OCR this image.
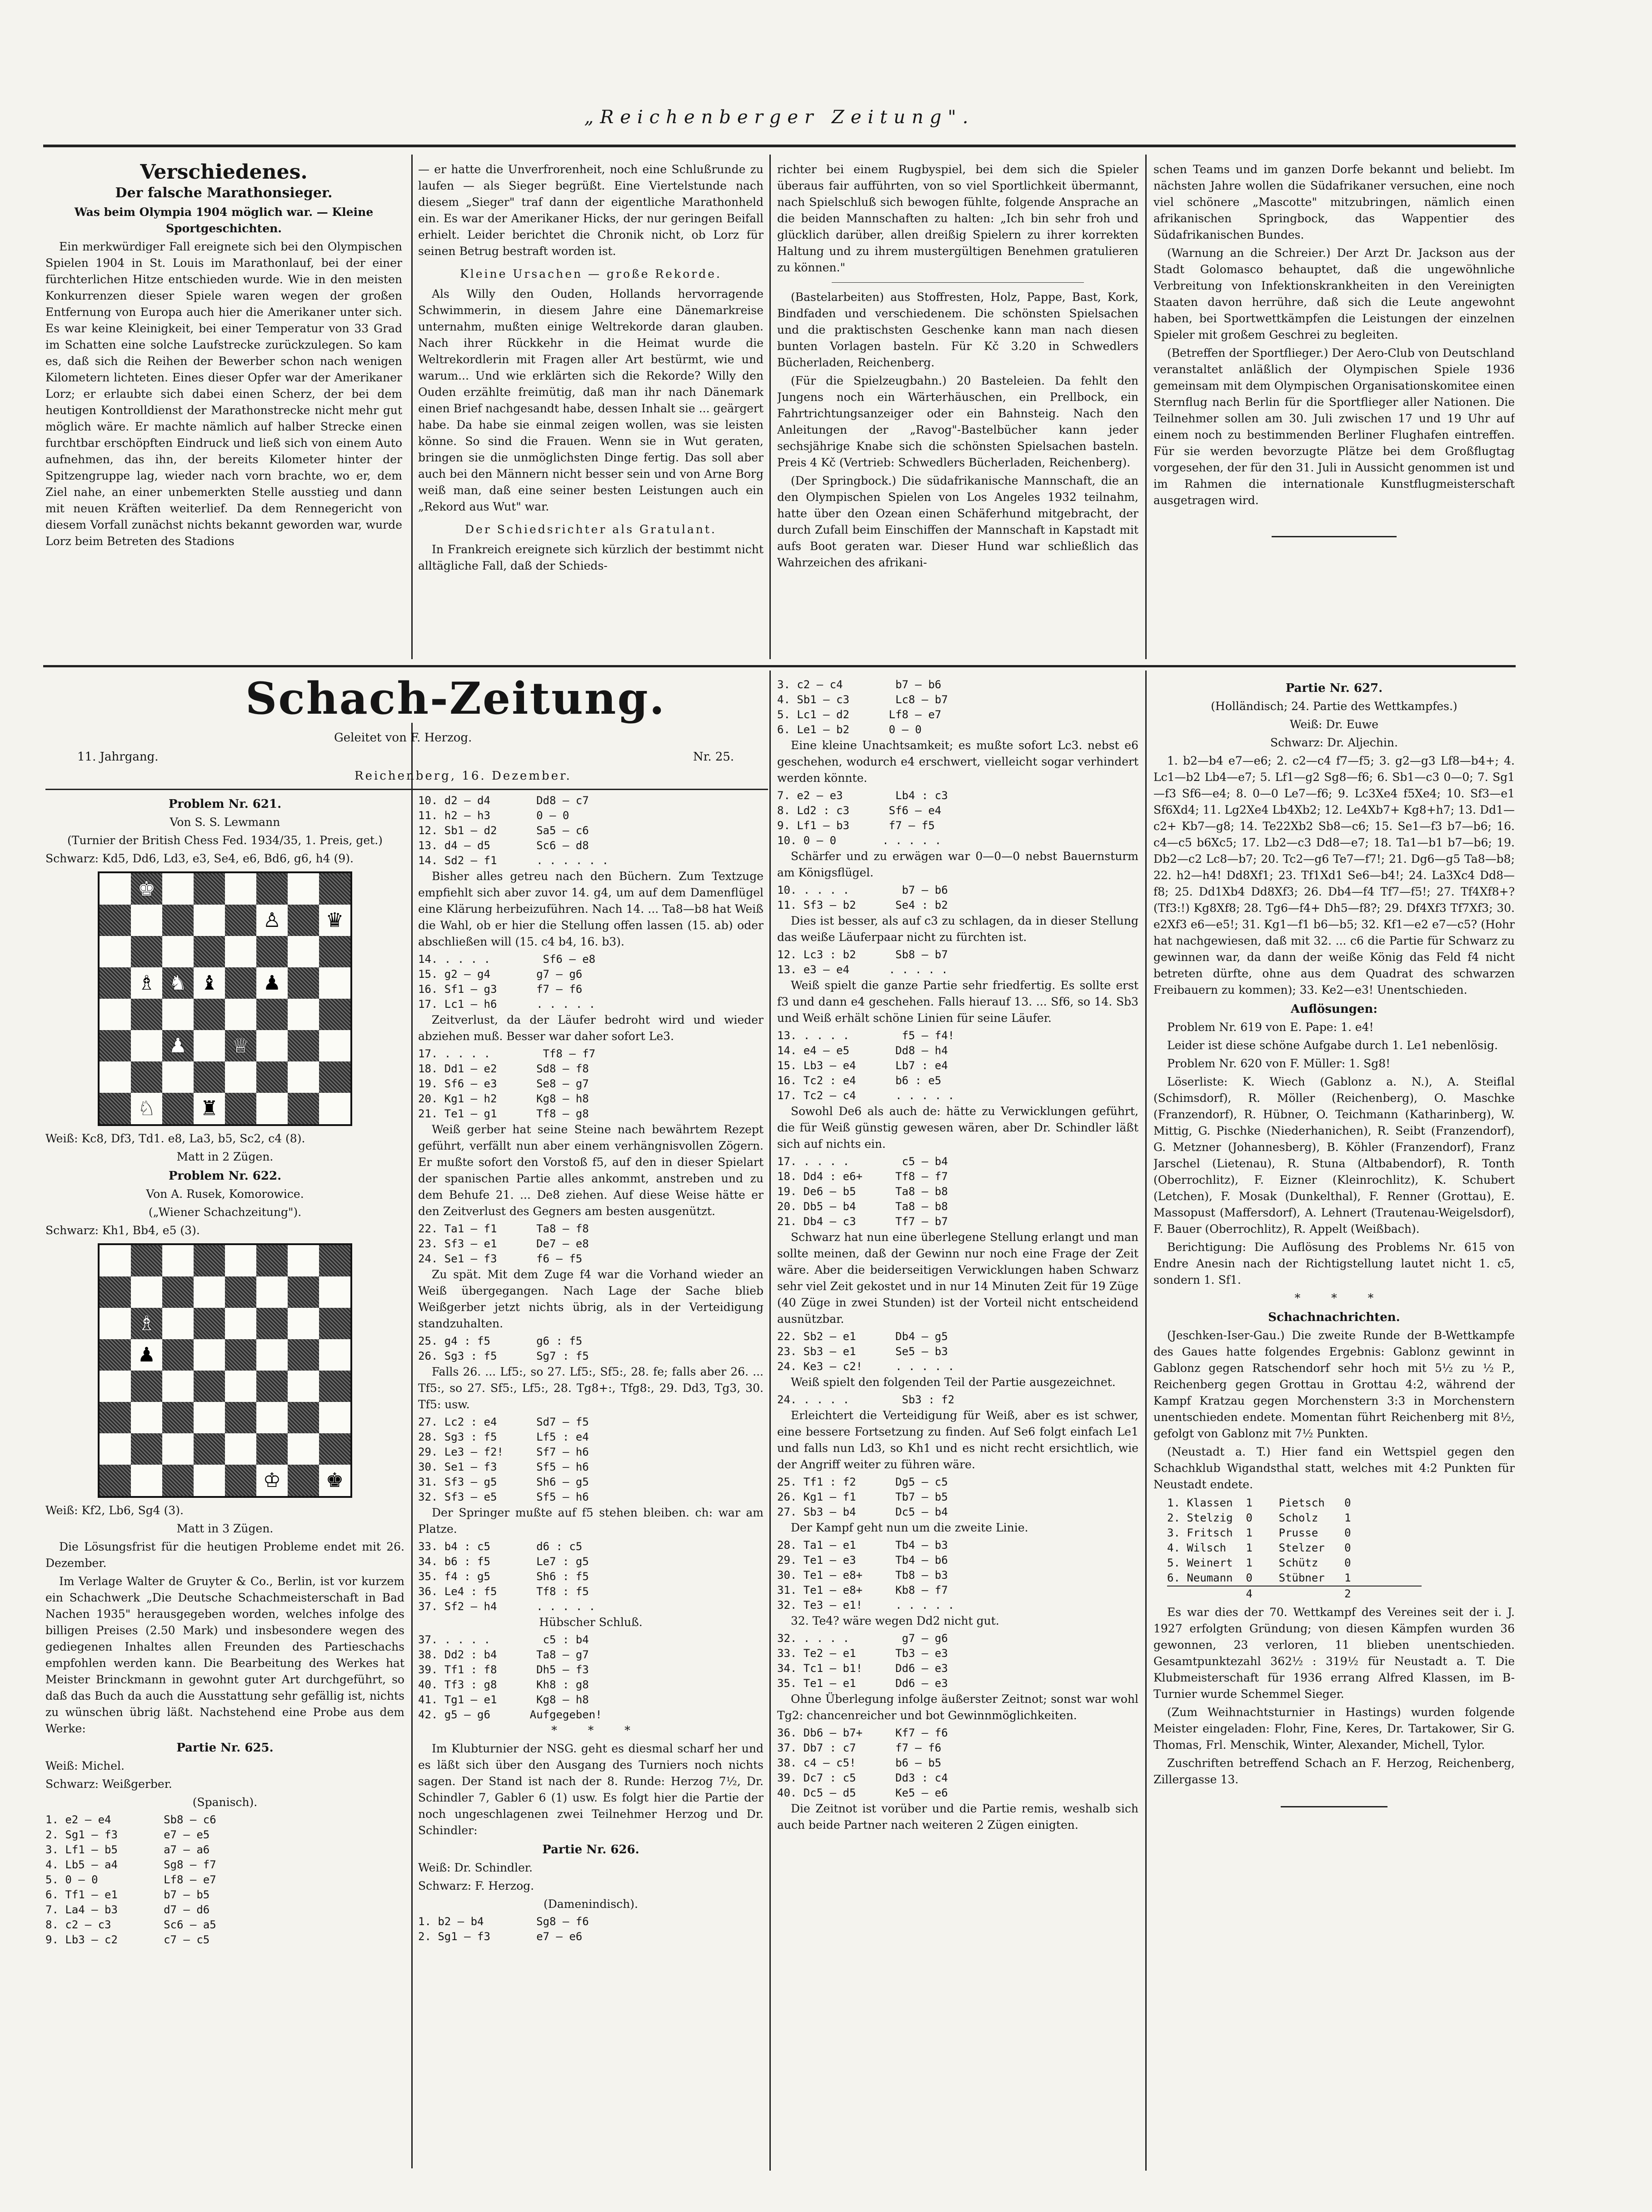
„Reichenberger Zeitung".
Verschiedenes.
Der falsche Marathonsieger.

Was beim Olympia 1904 möglich war. — Kleine Sportgeschichten.

Ein merkwürdiger Fall ereignete sich bei den Olympischen Spielen 1904 in St. Louis im Marathonlauf, bei der einer fürchterlichen Hitze entschieden wurde. Wie in den meisten Konkurrenzen dieser Spiele waren wegen der großen Entfernung von Europa auch hier die Amerikaner unter sich. Es war keine Kleinigkeit, bei einer Temperatur von 33 Grad im Schatten eine solche Laufstrecke zurückzulegen. So kam es, daß sich die Reihen der Bewerber schon nach wenigen Kilometern lichteten. Eines dieser Opfer war der Amerikaner Lorz; er erlaubte sich dabei einen Scherz, der bei dem heutigen Kontrolldienst der Marathonstrecke nicht mehr gut möglich wäre. Er machte nämlich auf halber Strecke einen furchtbar erschöpften Eindruck und ließ sich von einem Auto aufnehmen, das ihn, der bereits Kilometer hinter der Spitzengruppe lag, wieder nach vorn brachte, wo er, dem Ziel nahe, an einer unbemerkten Stelle ausstieg und dann mit neuen Kräften weiterlief. Da dem Rennegericht von diesem Vorfall zunächst nichts bekannt geworden war, wurde Lorz beim Betreten des Stadions

— er hatte die Unverfrorenheit, noch eine Schlußrunde zu laufen — als Sieger begrüßt. Eine Viertelstunde nach diesem „Sieger" traf dann der eigentliche Marathonheld ein. Es war der Amerikaner Hicks, der nur geringen Beifall erhielt. Leider berichtet die Chronik nicht, ob Lorz für seinen Betrug bestraft worden ist.

Kleine Ursachen — große Rekorde.

Als Willy den Ouden, Hollands hervorragende Schwimmerin, in diesem Jahre eine Dänemarkreise unternahm, mußten einige Weltrekorde daran glauben. Nach ihrer Rückkehr in die Heimat wurde die Weltrekordlerin mit Fragen aller Art bestürmt, wie und warum... Und wie erklärten sich die Rekorde? Willy den Ouden erzählte freimütig, daß man ihr nach Dänemark einen Brief nachgesandt habe, dessen Inhalt sie ... geärgert habe. Da habe sie einmal zeigen wollen, was sie leisten könne. So sind die Frauen. Wenn sie in Wut geraten, bringen sie die unmöglichsten Dinge fertig. Das soll aber auch bei den Männern nicht besser sein und von Arne Borg weiß man, daß eine seiner besten Leistungen auch ein „Rekord aus Wut" war.

Der Schiedsrichter als Gratulant.

In Frankreich ereignete sich kürzlich der bestimmt nicht alltägliche Fall, daß der Schieds-

richter bei einem Rugbyspiel, bei dem sich die Spieler überaus fair aufführten, von so viel Sportlichkeit übermannt, nach Spielschluß sich bewogen fühlte, folgende Ansprache an die beiden Mannschaften zu halten: „Ich bin sehr froh und glücklich darüber, allen dreißig Spielern zu ihrer korrekten Haltung und zu ihrem mustergültigen Benehmen gratulieren zu können."

(Bastelarbeiten) aus Stoffresten, Holz, Pappe, Bast, Kork, Bindfaden und verschiedenem. Die schönsten Spielsachen und die praktischsten Geschenke kann man nach diesen bunten Vorlagen basteln. Für Kč 3.20 in Schwedlers Bücherladen, Reichenberg.

(Für die Spielzeugbahn.) 20 Basteleien. Da fehlt den Jungens noch ein Wärterhäuschen, ein Prellbock, ein Fahrtrichtungsanzeiger oder ein Bahnsteig. Nach den Anleitungen der „Ravog"-Bastelbücher kann jeder sechsjährige Knabe sich die schönsten Spielsachen basteln. Preis 4 Kč (Vertrieb: Schwedlers Bücherladen, Reichenberg).

(Der Springbock.) Die südafrikanische Mannschaft, die an den Olympischen Spielen von Los Angeles 1932 teilnahm, hatte über den Ozean einen Schäferhund mitgebracht, der durch Zufall beim Einschiffen der Mannschaft in Kapstadt mit aufs Boot geraten war. Dieser Hund war schließlich das Wahrzeichen des afrikani-

schen Teams und im ganzen Dorfe bekannt und beliebt. Im nächsten Jahre wollen die Südafrikaner versuchen, eine noch viel schönere „Mascotte" mitzubringen, nämlich einen afrikanischen Springbock, das Wappentier des Südafrikanischen Bundes.

(Warnung an die Schreier.) Der Arzt Dr. Jackson aus der Stadt Golomasco behauptet, daß die ungewöhnliche Verbreitung von Infektionskrankheiten in den Vereinigten Staaten davon herrühre, daß sich die Leute angewohnt haben, bei Sportwettkämpfen die Leistungen der einzelnen Spieler mit großem Geschrei zu begleiten.

(Betreffen der Sportflieger.) Der Aero-Club von Deutschland veranstaltet anläßlich der Olympischen Spiele 1936 gemeinsam mit dem Olympischen Organisationskomitee einen Sternflug nach Berlin für die Sportflieger aller Nationen. Die Teilnehmer sollen am 30. Juli zwischen 17 und 19 Uhr auf einem noch zu bestimmenden Berliner Flughafen eintreffen. Für sie werden bevorzugte Plätze bei dem Großflugtag vorgesehen, der für den 31. Juli in Aussicht genommen ist und im Rahmen die internationale Kunstflugmeisterschaft ausgetragen wird.

Schach-Zeitung.
Geleitet von F. Herzog.
11. Jahrgang.	Nr. 25.
Reichenberg, 16. Dezember.
Problem Nr. 621.

Von S. S. Lewmann

(Turnier der British Chess Fed. 1934/35, 1. Preis, get.)

Schwarz: Kd5, Dd6, Ld3, e3, Se4, e6, Bd6, g6, h4 (9).

♚
♙ ♛
♗ ♞ ♝ ♟
♟ ♕
♘ ♜

Weiß: Kc8, Df3, Td1. e8, La3, b5, Sc2, c4 (8).

Matt in 2 Zügen.

Problem Nr. 622.

Von A. Rusek, Komorowice.

(„Wiener Schachzeitung").

Schwarz: Kh1, Bb4, e5 (3).

♗
♟
♔ ♚

Weiß: Kf2, Lb6, Sg4 (3).

Matt in 3 Zügen.

Die Lösungsfrist für die heutigen Probleme endet mit 26. Dezember.

Im Verlage Walter de Gruyter & Co., Berlin, ist vor kurzem ein Schachwerk „Die Deutsche Schachmeisterschaft in Bad Nachen 1935" herausgegeben worden, welches infolge des billigen Preises (2.50 Mark) und insbesondere wegen des gediegenen Inhaltes allen Freunden des Partieschachs empfohlen werden kann. Die Bearbeitung des Werkes hat Meister Brinckmann in gewohnt guter Art durchgeführt, so daß das Buch da auch die Ausstattung sehr gefällig ist, nichts zu wünschen übrig läßt. Nachstehend eine Probe aus dem Werke:

Partie Nr. 625.

Weiß: Michel.

Schwarz: Weißgerber.

(Spanisch).

1. e2 — e4        Sb8 — c6
2. Sg1 — f3       e7 — e5
3. Lf1 — b5       a7 — a6
4. Lb5 — a4       Sg8 — f7
5. 0 — 0          Lf8 — e7
6. Tf1 — e1       b7 — b5
7. La4 — b3       d7 — d6
8. c2 — c3        Sc6 — a5
9. Lb3 — c2       c7 — c5
10. d2 — d4       Dd8 — c7
11. h2 — h3       0 — 0
12. Sb1 — d2      Sa5 — c6
13. d4 — d5       Sc6 — d8
14. Sd2 — f1      . . . . . .

Bisher alles getreu nach den Büchern. Zum Textzuge empfiehlt sich aber zuvor 14. g4, um auf dem Damenflügel eine Klärung herbeizuführen. Nach 14. ... Ta8—b8 hat Weiß die Wahl, ob er hier die Stellung offen lassen (15. ab) oder abschließen will (15. c4 b4, 16. b3).

14. . . . .        Sf6 — e8
15. g2 — g4       g7 — g6
16. Sf1 — g3      f7 — f6
17. Lc1 — h6      . . . . .

Zeitverlust, da der Läufer bedroht wird und wieder abziehen muß. Besser war daher sofort Le3.

17. . . . .        Tf8 — f7
18. Dd1 — e2      Sd8 — f8
19. Sf6 — e3      Se8 — g7
20. Kg1 — h2      Kg8 — h8
21. Te1 — g1      Tf8 — g8

Weiß gerber hat seine Steine nach bewährtem Rezept geführt, verfällt nun aber einem verhängnisvollen Zögern. Er mußte sofort den Vorstoß f5, auf den in dieser Spielart der spanischen Partie alles ankommt, anstreben und zu dem Behufe 21. ... De8 ziehen. Auf diese Weise hätte er den Zeitverlust des Gegners am besten ausgenützt.

22. Ta1 — f1      Ta8 — f8
23. Sf3 — e1      De7 — e8
24. Se1 — f3      f6 — f5

Zu spät. Mit dem Zuge f4 war die Vorhand wieder an Weiß übergegangen. Nach Lage der Sache blieb Weißgerber jetzt nichts übrig, als in der Verteidigung standzuhalten.

25. g4 : f5       g6 : f5
26. Sg3 : f5      Sg7 : f5

Falls 26. ... Lf5:, so 27. Lf5:, Sf5:, 28. fe; falls aber 26. ... Tf5:, so 27. Sf5:, Lf5:, 28. Tg8+:, Tfg8:, 29. Dd3, Tg3, 30. Tf5: usw.

27. Lc2 : e4      Sd7 — f5
28. Sg3 : f5      Lf5 : e4
29. Le3 — f2!     Sf7 — h6
30. Se1 — f3      Sf5 — h6
31. Sf3 — g5      Sh6 — g5
32. Sf3 — e5      Sf5 — h6

Der Springer mußte auf f5 stehen bleiben. ch: war am Platze.

33. b4 : c5       d6 : c5
34. b6 : f5       Le7 : g5
35. f4 : g5       Sh6 : f5
36. Le4 : f5      Tf8 : f5
37. Sf2 — h4      . . . . .

Hübscher Schluß.

37. . . . .        c5 : b4
38. Dd2 : b4      Ta8 — g7
39. Tf1 : f8      Dh5 — f3
40. Tf3 : g8      Kh8 : g8
41. Tg1 — e1      Kg8 — h8
42. g5 — g6      Aufgegeben!

* * *

Im Klubturnier der NSG. geht es diesmal scharf her und es läßt sich über den Ausgang des Turniers noch nichts sagen. Der Stand ist nach der 8. Runde: Herzog 7½, Dr. Schindler 7, Gabler 6 (1) usw. Es folgt hier die Partie der noch ungeschlagenen zwei Teilnehmer Herzog und Dr. Schindler:

Partie Nr. 626.

Weiß: Dr. Schindler.

Schwarz: F. Herzog.

(Damenindisch).

1. b2 — b4        Sg8 — f6
2. Sg1 — f3       e7 — e6
3. c2 — c4        b7 — b6
4. Sb1 — c3       Lc8 — b7
5. Lc1 — d2      Lf8 — e7
6. Le1 — b2      0 — 0

Eine kleine Unachtsamkeit; es mußte sofort Lc3. nebst e6 geschehen, wodurch e4 erschwert, vielleicht sogar verhindert werden könnte.

7. e2 — e3        Lb4 : c3
8. Ld2 : c3      Sf6 — e4
9. Lf1 — b3      f7 — f5
10. 0 — 0       . . . . .

Schärfer und zu erwägen war 0—0—0 nebst Bauernsturm am Königsflügel.

10. . . . .        b7 — b6
11. Sf3 — b2      Se4 : b2

Dies ist besser, als auf c3 zu schlagen, da in dieser Stellung das weiße Läuferpaar nicht zu fürchten ist.

12. Lc3 : b2      Sb8 — b7
13. e3 — e4      . . . . .

Weiß spielt die ganze Partie sehr friedfertig. Es sollte erst f3 und dann e4 geschehen. Falls hierauf 13. ... Sf6, so 14. Sb3 und Weiß erhält schöne Linien für seine Läufer.

13. . . . .        f5 — f4!
14. e4 — e5       Dd8 — h4
15. Lb3 — e4      Lb7 : e4
16. Tc2 : e4      b6 : e5
17. Tc2 — c4      . . . . .

Sowohl De6 als auch de: hätte zu Verwicklungen geführt, die für Weiß günstig gewesen wären, aber Dr. Schindler läßt sich auf nichts ein.

17. . . . .        c5 — b4
18. Dd4 : e6+     Tf8 — f7
19. De6 — b5      Ta8 — b8
20. Db5 — b4      Ta8 — b8
21. Db4 — c3      Tf7 — b7

Schwarz hat nun eine überlegene Stellung erlangt und man sollte meinen, daß der Gewinn nur noch eine Frage der Zeit wäre. Aber die beiderseitigen Verwicklungen haben Schwarz sehr viel Zeit gekostet und in nur 14 Minuten Zeit für 19 Züge (40 Züge in zwei Stunden) ist der Vorteil nicht entscheidend ausnützbar.

22. Sb2 — e1      Db4 — g5
23. Sb3 — e1      Se5 — b3
24. Ke3 — c2!     . . . . .

Weiß spielt den folgenden Teil der Partie ausgezeichnet.

24. . . . .        Sb3 : f2

Erleichtert die Verteidigung für Weiß, aber es ist schwer, eine bessere Fortsetzung zu finden. Auf Se6 folgt einfach Le1 und falls nun Ld3, so Kh1 und es nicht recht ersichtlich, wie der Angriff weiter zu führen wäre.

25. Tf1 : f2      Dg5 — c5
26. Kg1 — f1      Tb7 — b5
27. Sb3 — b4      Dc5 — b4

Der Kampf geht nun um die zweite Linie.

28. Ta1 — e1      Tb4 — b3
29. Te1 — e3      Tb4 — b6
30. Te1 — e8+     Tb8 — b3
31. Te1 — e8+     Kb8 — f7
32. Te3 — e1!     . . . . .

32. Te4? wäre wegen Dd2 nicht gut.

32. . . . .        g7 — g6
33. Te2 — e1      Tb3 — e3
34. Tc1 — b1!     Dd6 — e3
35. Te1 — e1      Dd6 — e3

Ohne Überlegung infolge äußerster Zeitnot; sonst war wohl Tg2: chancenreicher und bot Gewinnmöglichkeiten.

36. Db6 — b7+     Kf7 — f6
37. Db7 : c7      f7 — f6
38. c4 — c5!      b6 — b5
39. Dc7 : c5      Dd3 : c4
40. Dc5 — d5      Ke5 — e6

Die Zeitnot ist vorüber und die Partie remis, weshalb sich auch beide Partner nach weiteren 2 Zügen einigten.

Partie Nr. 627.

(Holländisch; 24. Partie des Wettkampfes.)

Weiß: Dr. Euwe

Schwarz: Dr. Aljechin.

1. b2—b4 e7—e6; 2. c2—c4 f7—f5; 3. g2—g3 Lf8—b4+; 4. Lc1—b2 Lb4—e7; 5. Lf1—g2 Sg8—f6; 6. Sb1—c3 0—0; 7. Sg1—f3 Sf6—e4; 8. 0—0 Le7—f6; 9. Lc3Xe4 f5Xe4; 10. Sf3—e1 Sf6Xd4; 11. Lg2Xe4 Lb4Xb2; 12. Le4Xb7+ Kg8+h7; 13. Dd1—c2+ Kb7—g8; 14. Te22Xb2 Sb8—c6; 15. Se1—f3 b7—b6; 16. c4—c5 b6Xc5; 17. Lb2—c3 Dd8—e7; 18. Ta1—b1 b7—b6; 19. Db2—c2 Lc8—b7; 20. Tc2—g6 Te7—f7!; 21. Dg6—g5 Ta8—b8; 22. h2—h4! Dd8Xf1; 23. Tf1Xd1 Se6—b4!; 24. La3Xc4 Dd8—f8; 25. Dd1Xb4 Dd8Xf3; 26. Db4—f4 Tf7—f5!; 27. Tf4Xf8+? (Tf3:!) Kg8Xf8; 28. Tg6—f4+ Dh5—f8?; 29. Df4Xf3 Tf7Xf3; 30. e2Xf3 e6—e5!; 31. Kg1—f1 b6—b5; 32. Kf1—e2 e7—c5? (Hohr hat nachgewiesen, daß mit 32. ... c6 die Partie für Schwarz zu gewinnen war, da dann der weiße König das Feld f4 nicht betreten dürfte, ohne aus dem Quadrat des schwarzen Freibauern zu kommen); 33. Ke2—e3! Unentschieden.

Auflösungen:

Problem Nr. 619 von E. Pape: 1. e4!

Leider ist diese schöne Aufgabe durch 1. Le1 nebenlösig.

Problem Nr. 620 von F. Müller: 1. Sg8!

Löserliste: K. Wiech (Gablonz a. N.), A. Steiflal (Schimsdorf), R. Möller (Reichenberg), O. Maschke (Franzendorf), R. Hübner, O. Teichmann (Katharinberg), W. Mittig, G. Pischke (Niederhanichen), R. Seibt (Franzendorf), G. Metzner (Johannesberg), B. Köhler (Franzendorf), Franz Jarschel (Lietenau), R. Stuna (Altbabendorf), R. Tonth (Oberrochlitz), F. Eizner (Kleinrochlitz), K. Schubert (Letchen), F. Mosak (Dunkelthal), F. Renner (Grottau), E. Massopust (Maffersdorf), A. Lehnert (Trautenau-Weigelsdorf), F. Bauer (Oberrochlitz), R. Appelt (Weißbach).

Berichtigung: Die Auflösung des Problems Nr. 615 von Endre Anesin nach der Richtigstellung lautet nicht 1. c5, sondern 1. Sf1.

* * *

Schachnachrichten.

(Jeschken-Iser-Gau.) Die zweite Runde der B-Wettkampfe des Gaues hatte folgendes Ergebnis: Gablonz gewinnt in Gablonz gegen Ratschendorf sehr hoch mit 5½ zu ½ P., Reichenberg gegen Grottau in Grottau 4:2, während der Kampf Kratzau gegen Morchenstern 3:3 in Morchenstern unentschieden endete. Momentan führt Reichenberg mit 8½, gefolgt von Gablonz mit 7½ Punkten.

(Neustadt a. T.) Hier fand ein Wettspiel gegen den Schachklub Wigandsthal statt, welches mit 4:2 Punkten für Neustadt endete.

1. Klassen  1    Pietsch   0
2. Stelzig  0    Scholz    1
3. Fritsch  1    Prusse    0
4. Wilsch   1    Stelzer   0
5. Weinert  1    Schütz    0
6. Neumann  0    Stübner   1
4              2

Es war dies der 70. Wettkampf des Vereines seit der i. J. 1927 erfolgten Gründung; von diesen Kämpfen wurden 36 gewonnen, 23 verloren, 11 blieben unentschieden. Gesamtpunktezahl 362½ : 319½ für Neustadt a. T. Die Klubmeisterschaft für 1936 errang Alfred Klassen, im B-Turnier wurde Schemmel Sieger.

(Zum Weihnachtsturnier in Hastings) wurden folgende Meister eingeladen: Flohr, Fine, Keres, Dr. Tartakower, Sir G. Thomas, Frl. Menschik, Winter, Alexander, Michell, Tylor.

Zuschriften betreffend Schach an F. Herzog, Reichenberg, Zillergasse 13.
